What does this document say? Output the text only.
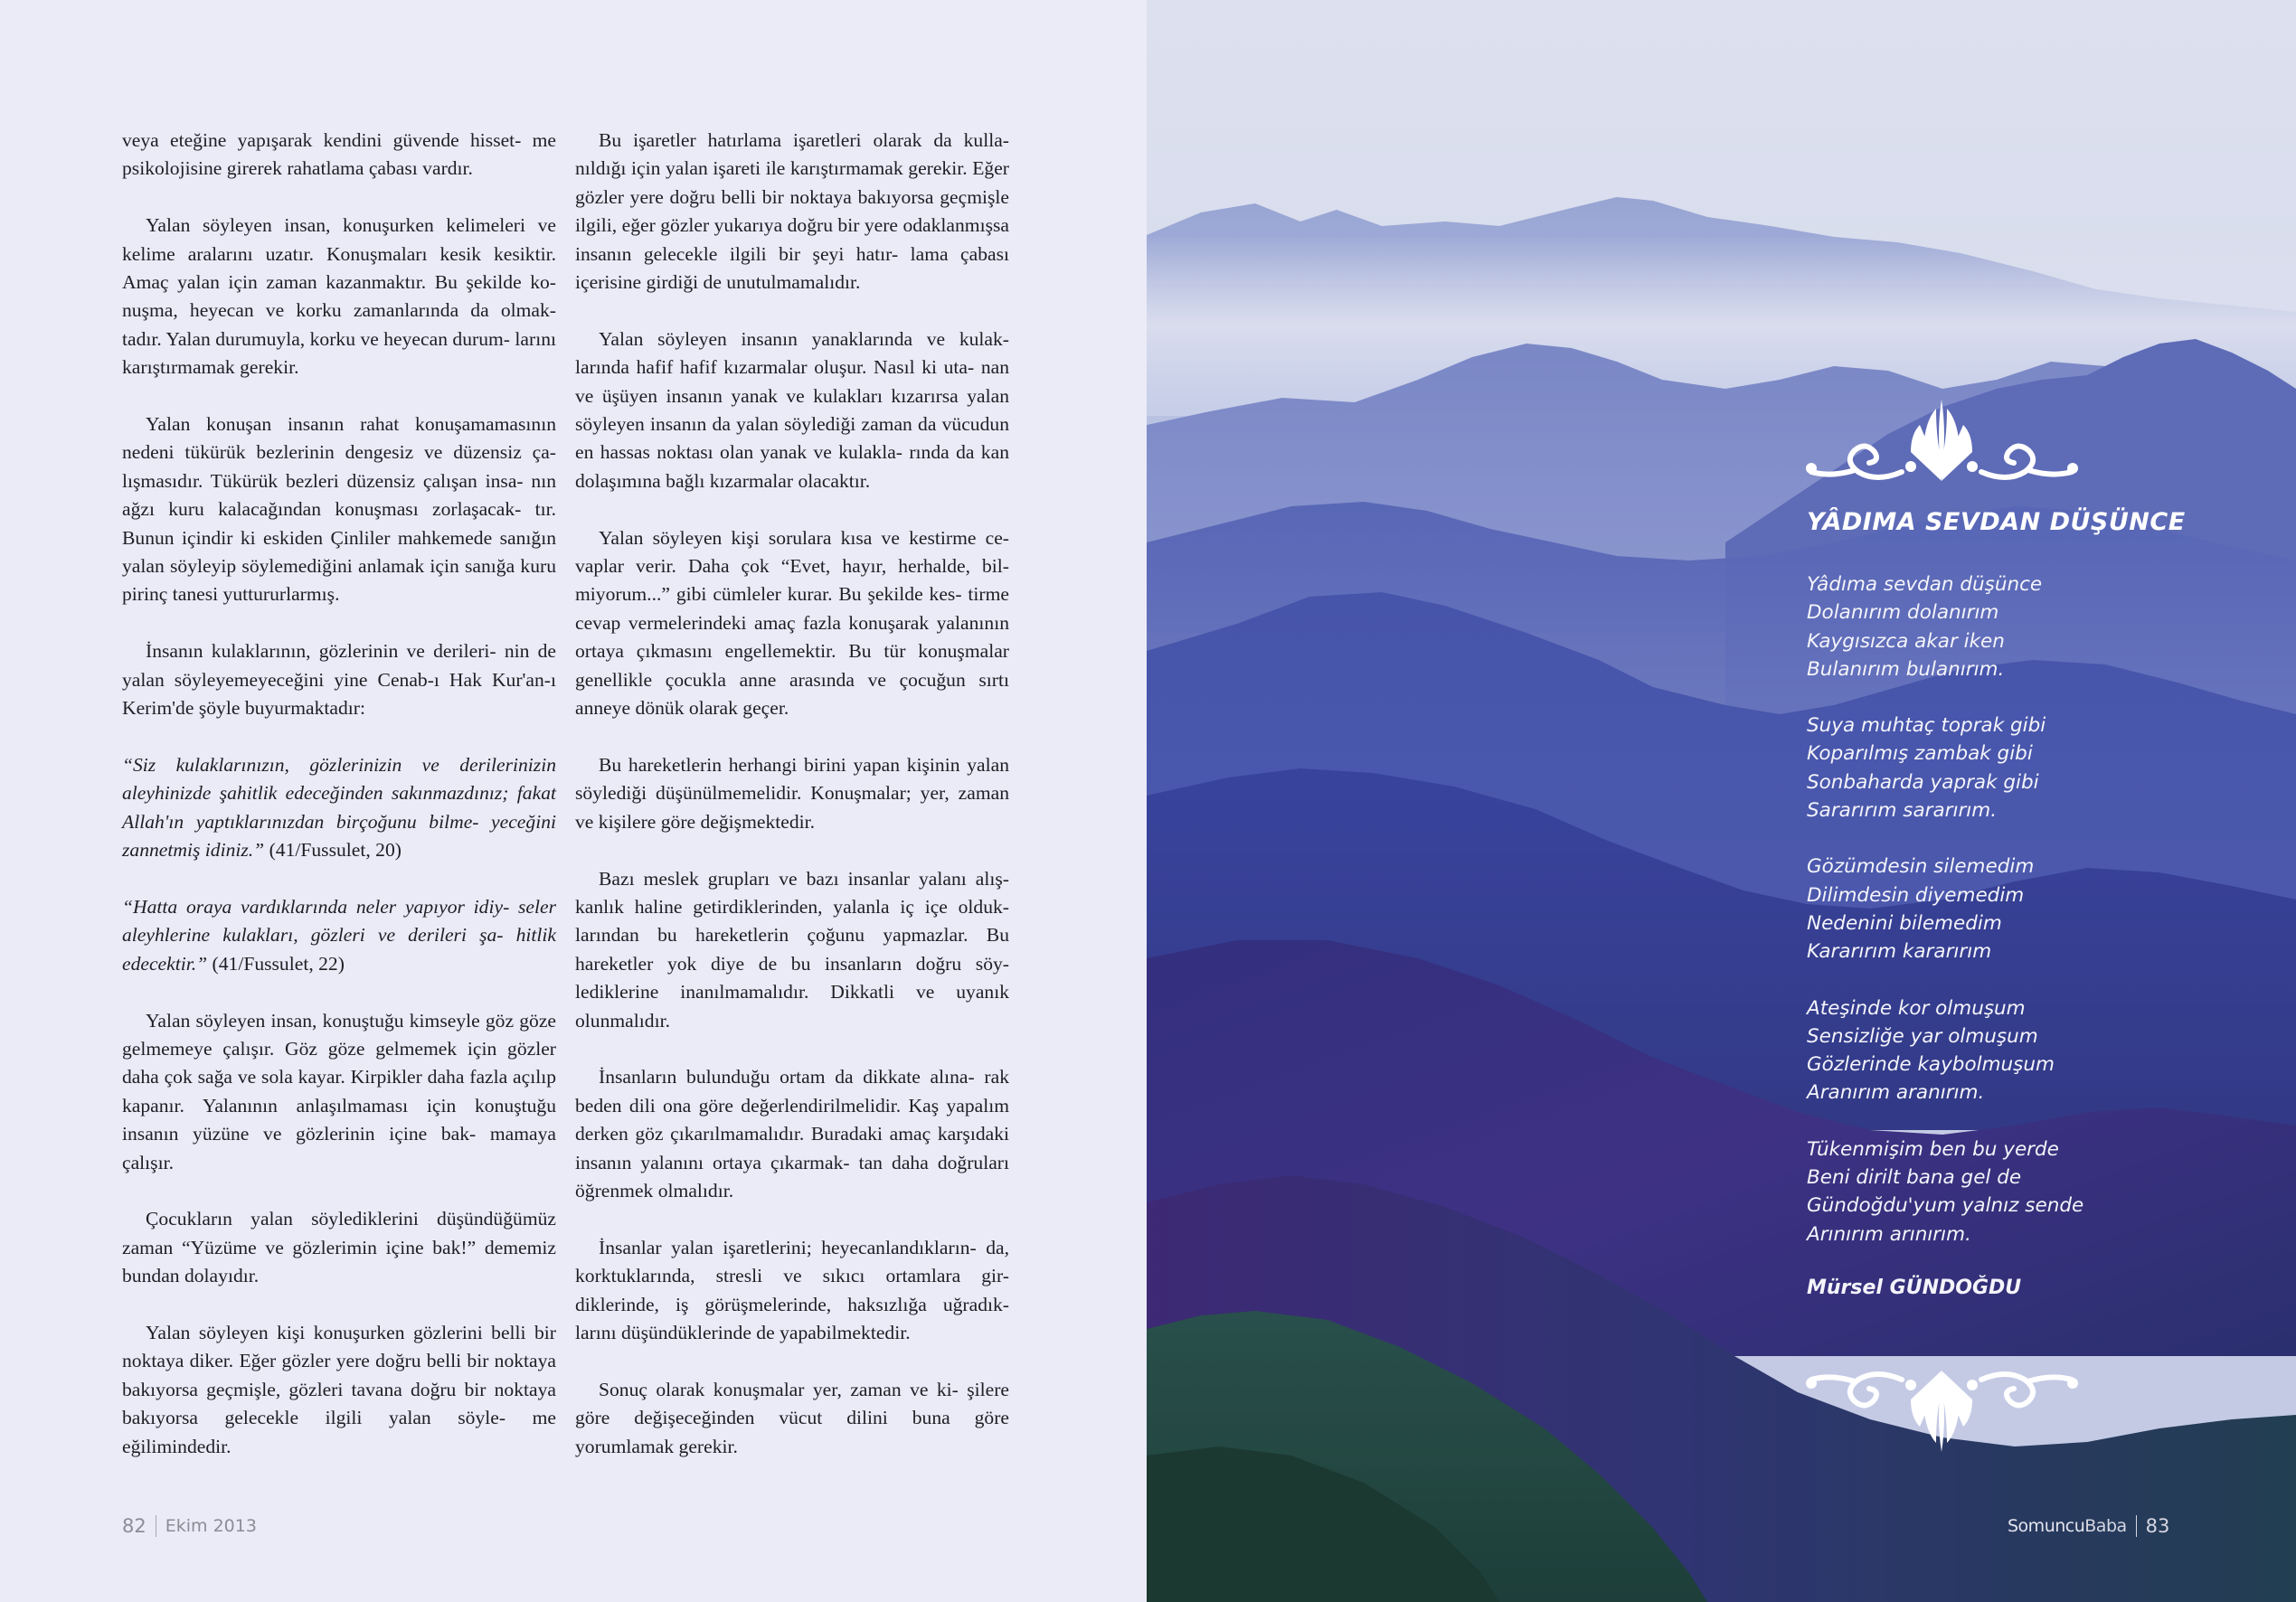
veya eteğine yapışarak kendini güvende hisset- me psikolojisine girerek rahatlama çabası vardır.

Yalan söyleyen insan, konuşurken kelimeleri ve kelime aralarını uzatır. Konuşmaları kesik kesiktir. Amaç yalan için zaman kazanmaktır. Bu şekilde ko- nuşma, heyecan ve korku zamanlarında da olmak- tadır. Yalan durumuyla, korku ve heyecan durum- larını karıştırmamak gerekir.

Yalan konuşan insanın rahat konuşamamasının nedeni tükürük bezlerinin dengesiz ve düzensiz ça- lışmasıdır. Tükürük bezleri düzensiz çalışan insa- nın ağzı kuru kalacağından konuşması zorlaşacak- tır. Bunun içindir ki eskiden Çinliler mahkemede sanığın yalan söyleyip söylemediğini anlamak için sanığa kuru pirinç tanesi yuttururlarmış.

İnsanın kulaklarının, gözlerinin ve derileri- nin de yalan söyleyemeyeceğini yine Cenab-ı Hak Kur'an-ı Kerim'de şöyle buyurmaktadır:

“Siz kulaklarınızın, gözlerinizin ve derilerinizin aleyhinizde şahitlik edeceğinden sakınmazdınız; fakat Allah'ın yaptıklarınızdan birçoğunu bilme- yeceğini zannetmiş idiniz.” (41/Fussulet, 20)

“Hatta oraya vardıklarında neler yapıyor idiy- seler aleyhlerine kulakları, gözleri ve derileri şa- hitlik edecektir.” (41/Fussulet, 22)

Yalan söyleyen insan, konuştuğu kimseyle göz göze gelmemeye çalışır. Göz göze gelmemek için gözler daha çok sağa ve sola kayar. Kirpikler daha fazla açılıp kapanır. Yalanının anlaşılmaması için konuştuğu insanın yüzüne ve gözlerinin içine bak- mamaya çalışır.

Çocukların yalan söylediklerini düşündüğümüz zaman “Yüzüme ve gözlerimin içine bak!” dememiz bundan dolayıdır.

Yalan söyleyen kişi konuşurken gözlerini belli bir noktaya diker. Eğer gözler yere doğru belli bir noktaya bakıyorsa geçmişle, gözleri tavana doğru bir noktaya bakıyorsa gelecekle ilgili yalan söyle- me eğilimindedir.

Bu işaretler hatırlama işaretleri olarak da kulla- nıldığı için yalan işareti ile karıştırmamak gerekir. Eğer gözler yere doğru belli bir noktaya bakıyorsa geçmişle ilgili, eğer gözler yukarıya doğru bir yere odaklanmışsa insanın gelecekle ilgili bir şeyi hatır- lama çabası içerisine girdiği de unutulmamalıdır.

Yalan söyleyen insanın yanaklarında ve kulak- larında hafif hafif kızarmalar oluşur. Nasıl ki uta- nan ve üşüyen insanın yanak ve kulakları kızarırsa yalan söyleyen insanın da yalan söylediği zaman da vücudun en hassas noktası olan yanak ve kulakla- rında da kan dolaşımına bağlı kızarmalar olacaktır.

Yalan söyleyen kişi sorulara kısa ve kestirme ce- vaplar verir. Daha çok “Evet, hayır, herhalde, bil- miyorum...” gibi cümleler kurar. Bu şekilde kes- tirme cevap vermelerindeki amaç fazla konuşarak yalanının ortaya çıkmasını engellemektir. Bu tür konuşmalar genellikle çocukla anne arasında ve çocuğun sırtı anneye dönük olarak geçer.

Bu hareketlerin herhangi birini yapan kişinin yalan söylediği düşünülmemelidir. Konuşmalar; yer, zaman ve kişilere göre değişmektedir.

Bazı meslek grupları ve bazı insanlar yalanı alış- kanlık haline getirdiklerinden, yalanla iç içe olduk- larından bu hareketlerin çoğunu yapmazlar. Bu hareketler yok diye de bu insanların doğru söy- lediklerine inanılmamalıdır. Dikkatli ve uyanık olunmalıdır.

İnsanların bulunduğu ortam da dikkate alına- rak beden dili ona göre değerlendirilmelidir. Kaş yapalım derken göz çıkarılmamalıdır. Buradaki amaç karşıdaki insanın yalanını ortaya çıkarmak- tan daha doğruları öğrenmek olmalıdır.

İnsanlar yalan işaretlerini; heyecanlandıkların- da, korktuklarında, stresli ve sıkıcı ortamlara gir- diklerinde, iş görüşmelerinde, haksızlığa uğradık- larını düşündüklerinde de yapabilmektedir.

Sonuç olarak konuşmalar yer, zaman ve ki- şilere göre değişeceğinden vücut dilini buna göre yorumlamak gerekir.

82 Ekim 2013
YÂDIMA SEVDAN DÜŞÜNCE
Yâdıma sevdan düşünce
Dolanırım dolanırım
Kaygısızca akar iken
Bulanırım bulanırım.
Suya muhtaç toprak gibi
Koparılmış zambak gibi
Sonbaharda yaprak gibi
Sararırım sararırım.
Gözümdesin silemedim
Dilimdesin diyemedim
Nedenini bilemedim
Kararırım kararırım
Ateşinde kor olmuşum
Sensizliğe yar olmuşum
Gözlerinde kaybolmuşum
Aranırım aranırım.
Tükenmişim ben bu yerde
Beni dirilt bana gel de
Gündoğdu'yum yalnız sende
Arınırım arınırım.
Mürsel GÜNDOĞDU
SomuncuBaba 83
